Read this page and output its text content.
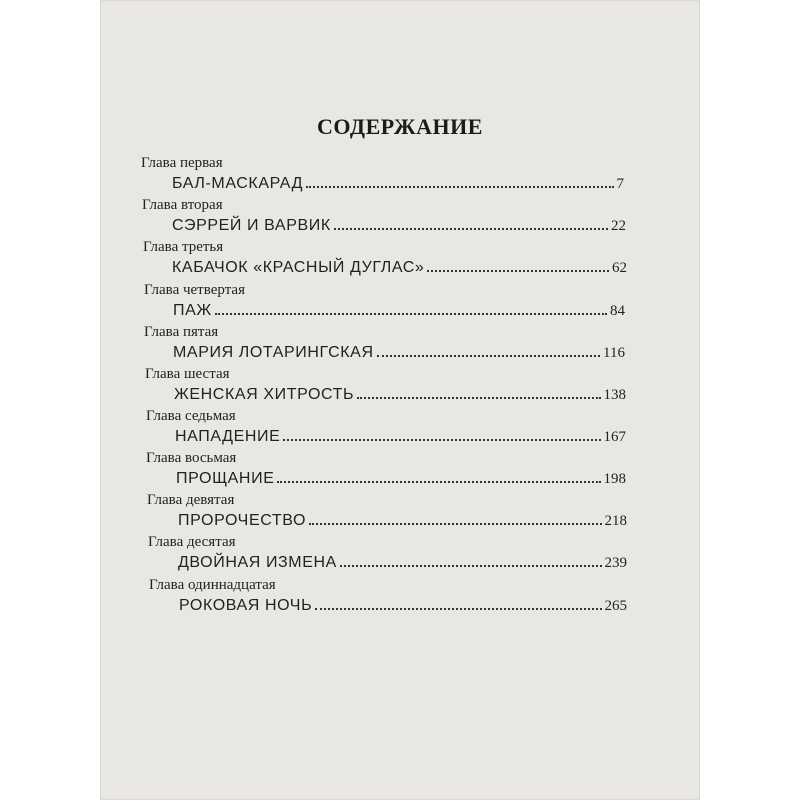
СОДЕРЖАНИЕ
Глава первая
БАЛ-МАСКАРАД	7
Глава вторая
СЭРРЕЙ И ВАРВИК	22
Глава третья
КАБАЧОК «КРАСНЫЙ ДУГЛАС»	62
Глава четвертая
ПАЖ	84
Глава пятая
МАРИЯ ЛОТАРИНГСКАЯ	116
Глава шестая
ЖЕНСКАЯ ХИТРОСТЬ	138
Глава седьмая
НАПАДЕНИЕ	167
Глава восьмая
ПРОЩАНИЕ	198
Глава девятая
ПРОРОЧЕСТВО	218
Глава десятая
ДВОЙНАЯ ИЗМЕНА	239
Глава одиннадцатая
РОКОВАЯ НОЧЬ	265
